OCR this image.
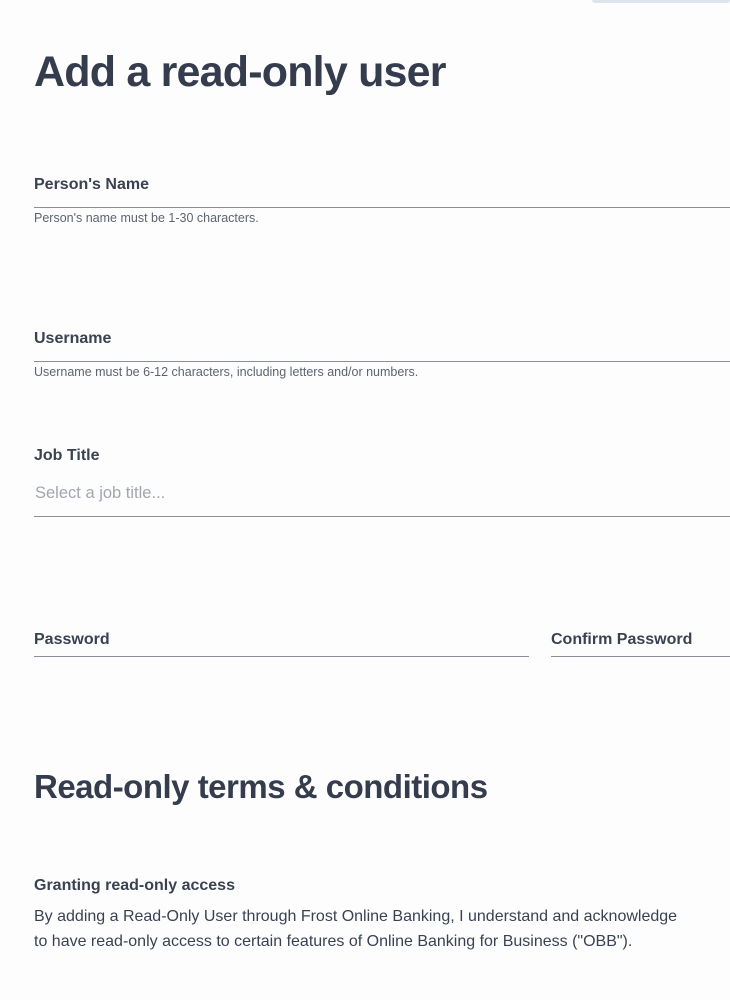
Add a read-only user
Person's Name
Person's name must be 1-30 characters.
Username
Username must be 6-12 characters, including letters and/or numbers.
Job Title
Select a job title...
Password	Confirm Password
Read-only terms & conditions
Granting read-only access

By adding a Read-Only User through Frost Online Banking, I understand and acknowledge
to have read-only access to certain features of Online Banking for Business ("OBB").
